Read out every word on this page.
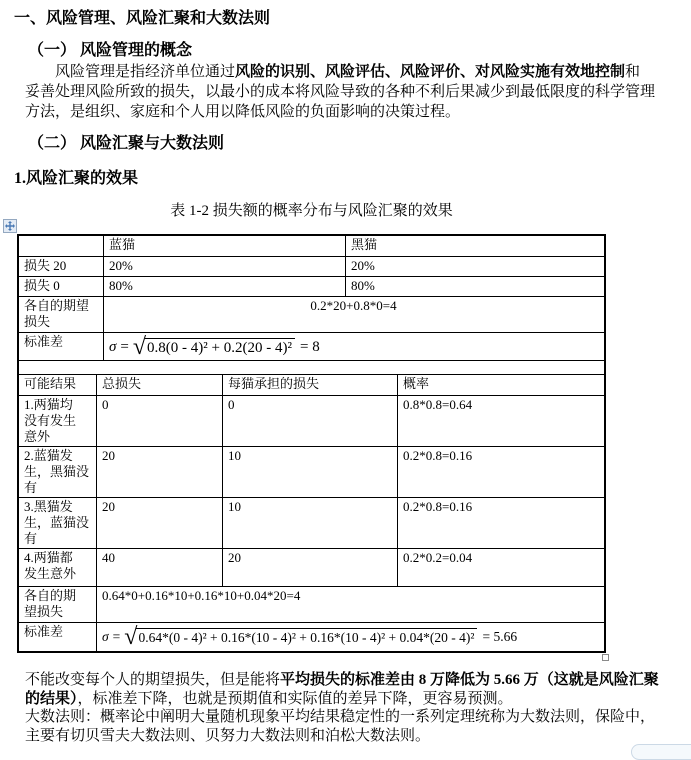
一、风险管理、风险汇聚和大数法则
（一） 风险管理的概念

风险管理是指经济单位通过风险的识别、风险评估、风险评价、对风险实施有效地控制和妥善处理风险所致的损失，以最小的成本将风险导致的各种不利后果减少到最低限度的科学管理方法，是组织、家庭和个人用以降低风险的负面影响的决策过程。

（二） 风险汇聚与大数法则
1.风险汇聚的效果
表 1-2 损失额的概率分布与风险汇聚的效果
蓝猫	黑猫
损失 20	20%	20%
损失 0	80%	80%
各自的期望
损失
0.2*20+0.8*0=4
标准差	σ = √ 0.8(0 - 4)² + 0.2(20 - 4)² = 8
可能结果	总损失	每猫承担的损失	概率
1.两猫均
没有发生
意外
0	0	0.8*0.8=0.64
2.蓝猫发
生，黑猫没
有
20	10	0.2*0.8=0.16
3.黑猫发
生，蓝猫没
有
20	10	0.2*0.8=0.16
4.两猫都
发生意外
40	20	0.2*0.2=0.04
各自的期
望损失
0.64*0+0.16*10+0.16*10+0.04*20=4
标准差	σ = √ 0.64*(0 - 4)² + 0.16*(10 - 4)² + 0.16*(10 - 4)² + 0.04*(20 - 4)² = 5.66

不能改变每个人的期望损失，但是能将平均损失的标准差由 8 万降低为 5.66 万（这就是风险汇聚的结果），标准差下降，也就是预期值和实际值的差异下降，更容易预测。

大数法则：概率论中阐明大量随机现象平均结果稳定性的一系列定理统称为大数法则，保险中，主要有切贝雪夫大数法则、贝努力大数法则和泊松大数法则。
